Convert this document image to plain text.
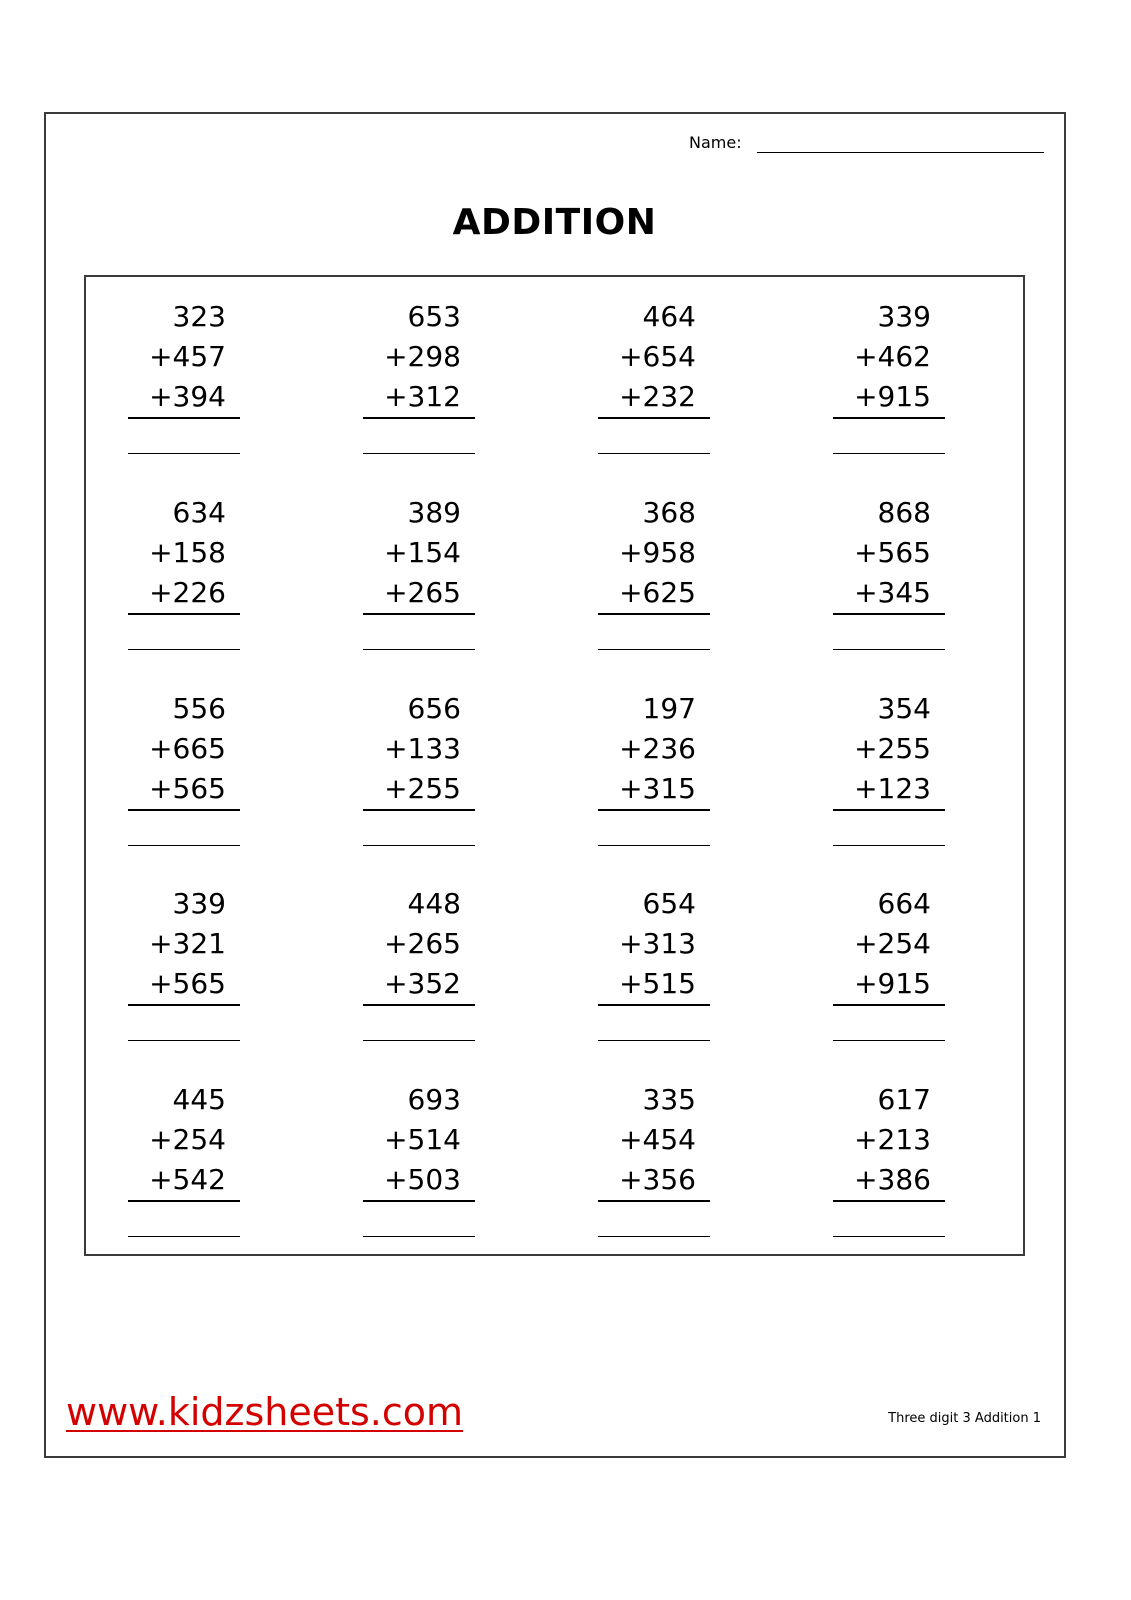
Name:
ADDITION
323
+457
+394
653
+298
+312
464
+654
+232
339
+462
+915
634
+158
+226
389
+154
+265
368
+958
+625
868
+565
+345
556
+665
+565
656
+133
+255
197
+236
+315
354
+255
+123
339
+321
+565
448
+265
+352
654
+313
+515
664
+254
+915
445
+254
+542
693
+514
+503
335
+454
+356
617
+213
+386
www.kidzsheets.com	Three digit 3 Addition 1
